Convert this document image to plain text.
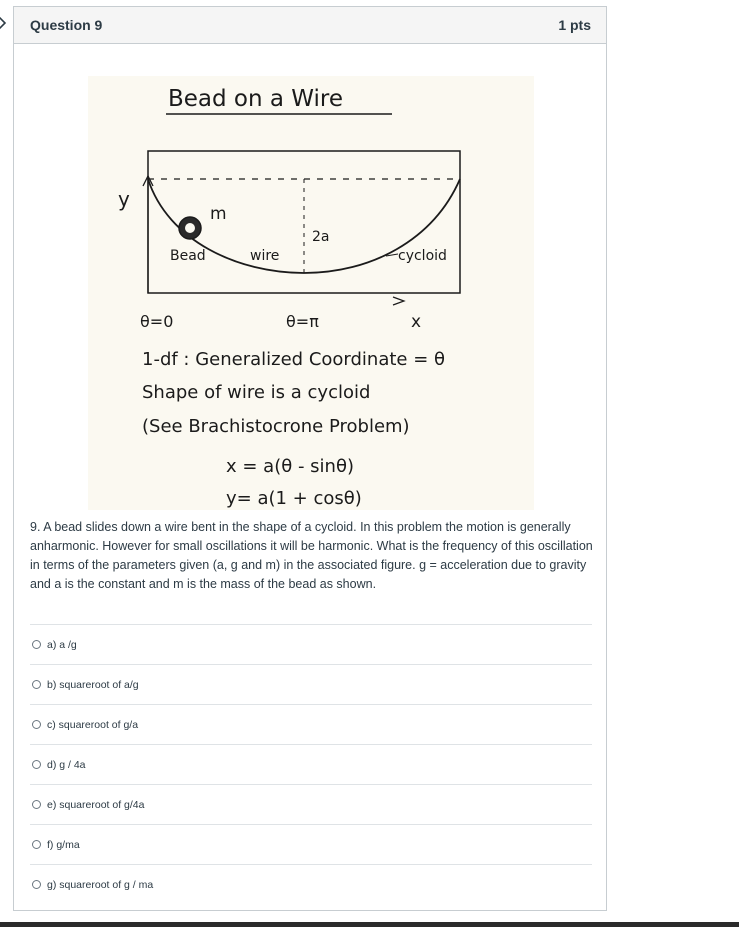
Question 9	1 pts
Bead on a Wire
y
m
2a
Bead	wire	cycloid
x
θ=0	θ=π
1-df : Generalized Coordinate = θ
Shape of wire is a cycloid
(See Brachistocrone Problem)
x = a(θ - sinθ)
y= a(1 + cosθ)

9. A bead slides down a wire bent in the shape of a cycloid. In this problem the motion is generally anharmonic. However for small oscillations it will be harmonic. What is the frequency of this oscillation in terms of the parameters given (a, g and m) in the associated figure. g = acceleration due to gravity and a is the constant and m is the mass of the bead as shown.

a) a /g
b) squareroot of a/g
c) squareroot of g/a
d) g / 4a
e) squareroot of g/4a
f) g/ma
g) squareroot of g / ma
